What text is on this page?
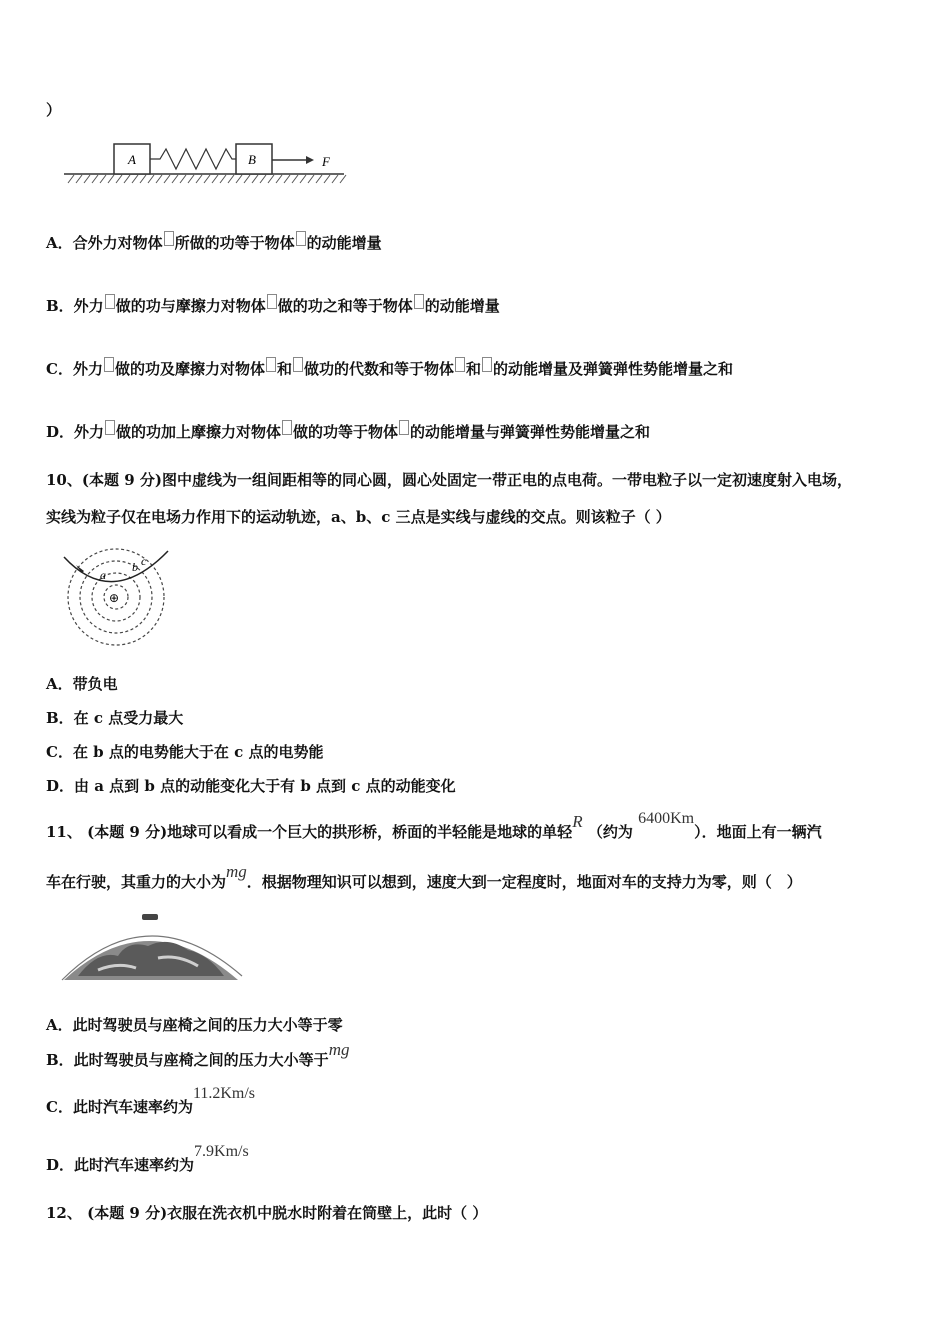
）
A	B	F
A．合外力对物体 所做的功等于物体 的动能增量
B．外力 做的功与摩擦力对物体 做的功之和等于物体 的动能增量
C．外力 做的功及摩擦力对物体 和 做功的代数和等于物体 和 的动能增量及弹簧弹性势能增量之和
D．外力 做的功加上摩擦力对物体 做的功等于物体 的动能增量与弹簧弹性势能增量之和
10、(本题 9 分)图中虚线为一组间距相等的同心圆，圆心处固定一带正电的点电荷。一带电粒子以一定初速度射入电场，
实线为粒子仅在电场力作用下的运动轨迹，a、b、c 三点是实线与虚线的交点。则该粒子（ ）
a
b c
⊕
A．带负电
B．在 c 点受力最大
C．在 b 点的电势能大于在 c 点的电势能
D．由 a 点到 b 点的动能变化大于有 b 点到 c 点的动能变化
11、 (本题 9 分)地球可以看成一个巨大的拱形桥，桥面的半轻能是地球的单轻R （约为 6400Km）．地面上有一辆汽
车在行驶，其重力的大小为mg．根据物理知识可以想到，速度大到一定程度时，地面对车的支持力为零，则（　）
A．此时驾驶员与座椅之间的压力大小等于零
B．此时驾驶员与座椅之间的压力大小等于mg
C．此时汽车速率约为11.2Km/s
D．此时汽车速率约为7.9Km/s
12、 (本题 9 分)衣服在洗衣机中脱水时附着在筒壁上，此时（ ）
